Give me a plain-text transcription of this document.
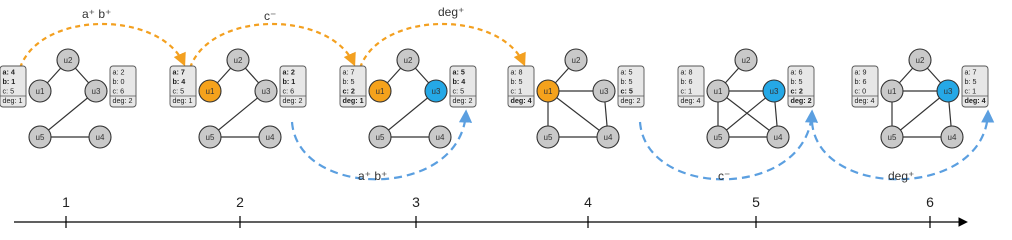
a⁺ b⁺	c⁻	deg⁺
a⁺ b⁺	c⁻	deg⁺
u1
u2
u3
u4
u5
a: 4
b: 1
c: 5
deg: 1
a: 2
b: 0
c: 6
deg: 2
u1
u2
u3
u4
u5
a: 7
b: 4
c: 5
deg: 1
a: 2
b: 1
c: 6
deg: 2
u1
u2
u3
u4
u5
a: 7
b: 5
c: 2
deg: 1
a: 5
b: 4
c: 5
deg: 2
u1
u2
u3
u4
u5
a: 8
b: 5
c: 1
deg: 4
a: 5
b: 5
c: 5
deg: 2
u1
u2
u3
u4
u5
a: 8
b: 6
c: 1
deg: 4
a: 6
b: 5
c: 2
deg: 2
u1
u2
u3
u4
u5
a: 9
b: 6
c: 0
deg: 4
a: 7
b: 5
c: 1
deg: 4
1	2	3	4	5	6
